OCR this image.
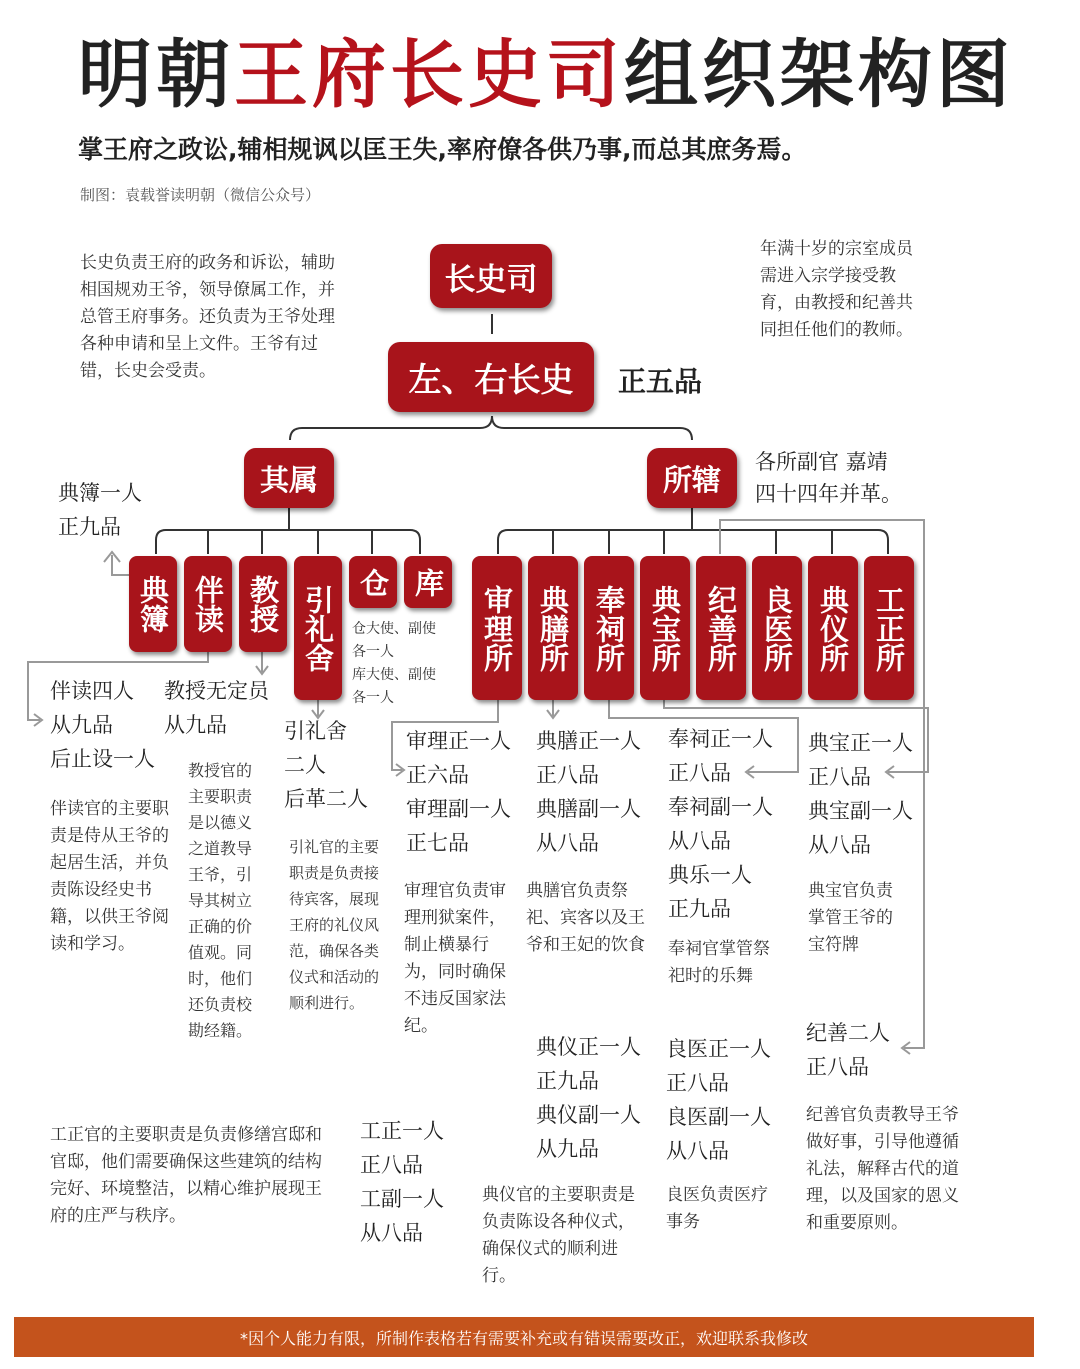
明朝王府长史司组织架构图
掌王府之政讼,辅相规讽以匡王失,率府僚各供乃事,而总其庶务焉。
制图：袁载誉读明朝（微信公众号）
长史负责王府的政务和诉讼，辅助相国规劝王爷，领导僚属工作，并总管王府事务。还负责为王爷处理各种申请和呈上文件。王爷有过错，长史会受责。
年满十岁的宗室成员需进入宗学接受教育，由教授和纪善共同担任他们的教师。
长史司
左、右长史	正五品
其属	所辖
各所副官 嘉靖
四十四年并革。
典簿 伴读 教授 引礼舍
仓 库
审理所 典膳所 奉祠所 典宝所 纪善所 良医所 典仪所 工正所
典簿一人
正九品
仓大使、副使
各一人
库大使、副使
各一人
伴读四人
从九品
后止设一人
伴读官的主要职责是侍从王爷的起居生活，并负责陈设经史书籍，以供王爷阅读和学习。
教授无定员
从九品
教授官的主要职责是以德义之道教导王爷，引导其树立正确的价值观。同时，他们还负责校勘经籍。
引礼舍
二人
后革二人
引礼官的主要职责是负责接待宾客，展现王府的礼仪风范，确保各类仪式和活动的顺利进行。
审理正一人
正六品
审理副一人
正七品
审理官负责审理刑狱案件，制止横暴行为，同时确保不违反国家法纪。
典膳正一人
正八品
典膳副一人
从八品
典膳官负责祭祀、宾客以及王爷和王妃的饮食
奉祠正一人
正八品
奉祠副一人
从八品
典乐一人
正九品
奉祠官掌管祭祀时的乐舞
典宝正一人
正八品
典宝副一人
从八品
典宝官负责掌管王爷的宝符牌
纪善二人
正八品
纪善官负责教导王爷做好事，引导他遵循礼法，解释古代的道理，以及国家的恩义和重要原则。
典仪正一人
正九品
典仪副一人
从九品
典仪官的主要职责是负责陈设各种仪式，确保仪式的顺利进行。
良医正一人
正八品
良医副一人
从八品
良医负责医疗事务
工正一人
正八品
工副一人
从八品
工正官的主要职责是负责修缮宫邸和官邸，他们需要确保这些建筑的结构完好、环境整洁，以精心维护展现王府的庄严与秩序。
*因个人能力有限，所制作表格若有需要补充或有错误需要改正，欢迎联系我修改
